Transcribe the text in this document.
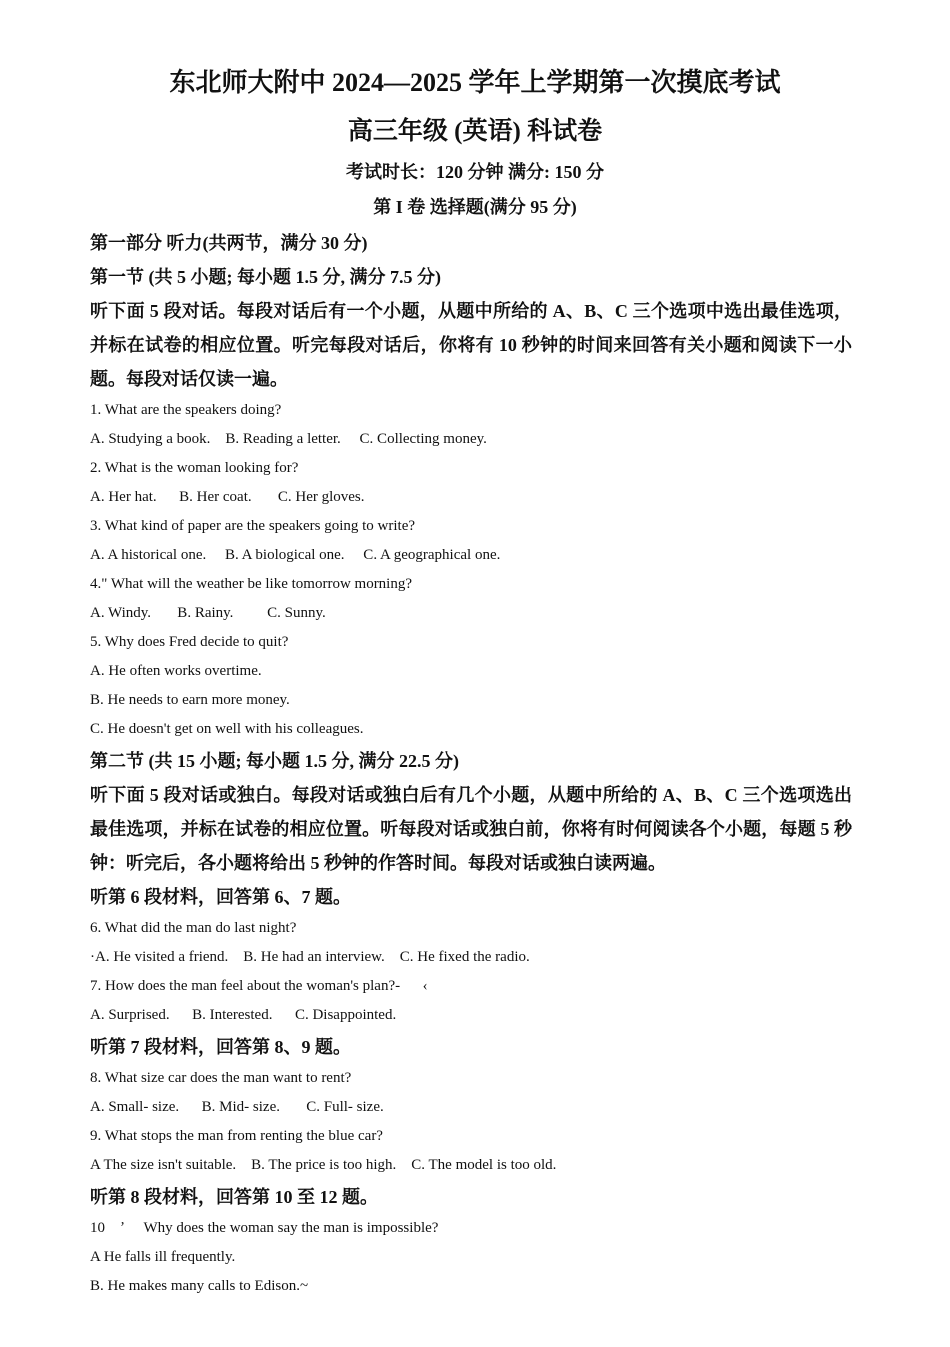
东北师大附中 2024—2025 学年上学期第一次摸底考试
高三年级 (英语) 科试卷
考试时长：120 分钟 满分: 150 分
第 I 卷 选择题(满分 95 分)

第一部分 听力(共两节，满分 30 分)

第一节 (共 5 小题; 每小题 1.5 分, 满分 7.5 分)

听下面 5 段对话。每段对话后有一个小题，从题中所给的 A、B、C 三个选项中选出最佳选项，并标在试卷的相应位置。听完每段对话后，你将有 10 秒钟的时间来回答有关小题和阅读下一小题。每段对话仅读一遍。

1. What are the speakers doing?

A. Studying a book.    B. Reading a letter.     C. Collecting money.

2. What is the woman looking for?

A. Her hat.      B. Her coat.       C. Her gloves.

3. What kind of paper are the speakers going to write?

A. A historical one.     B. A biological one.     C. A geographical one.

4." What will the weather be like tomorrow morning?

A. Windy.       B. Rainy.         C. Sunny.

5. Why does Fred decide to quit?

A. He often works overtime.

B. He needs to earn more money.

C. He doesn't get on well with his colleagues.

第二节 (共 15 小题; 每小题 1.5 分, 满分 22.5 分)

听下面 5 段对话或独白。每段对话或独白后有几个小题，从题中所给的 A、B、C 三个选项选出最佳选项，并标在试卷的相应位置。听每段对话或独白前，你将有时何阅读各个小题，每题 5 秒钟：听完后，各小题将给出 5 秒钟的作答时间。每段对话或独白读两遍。

听第 6 段材料，回答第 6、7 题。

6. What did the man do last night?

·A. He visited a friend.    B. He had an interview.    C. He fixed the radio.

7. How does the man feel about the woman's plan?-      ‹

A. Surprised.      B. Interested.      C. Disappointed.

听第 7 段材料，回答第 8、9 题。

8. What size car does the man want to rent?

A. Small- size.      B. Mid- size.       C. Full- size.

9. What stops the man from renting the blue car?

A The size isn't suitable.    B. The price is too high.    C. The model is too old.

听第 8 段材料，回答第 10 至 12 题。

10    ʼ     Why does the woman say the man is impossible?

A He falls ill frequently.

B. He makes many calls to Edison.~
